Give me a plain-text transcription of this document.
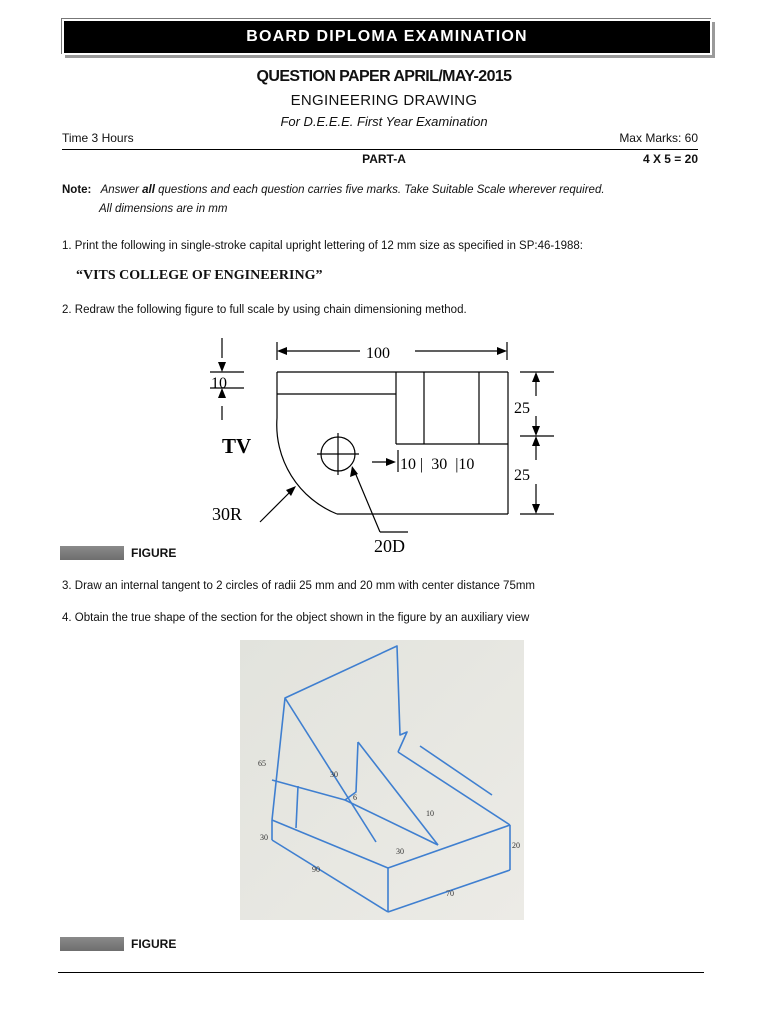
BOARD DIPLOMA EXAMINATION
QUESTION PAPER APRIL/MAY-2015
ENGINEERING DRAWING
For D.E.E.E. First Year Examination
Time 3 Hours	Max Marks: 60
PART-A	4 X 5 = 20
Note: Answer all questions and each question carries five marks. Take Suitable Scale wherever required.
All dimensions are in mm
1. Print the following in single-stroke capital upright lettering of 12 mm size as specified in SP:46-1988:
“VITS COLLEGE OF ENGINEERING”
2. Redraw the following figure to full scale by using chain dimensioning method.
100
10
TV
25
25
10 |  30  |10
30R
20D
FIGURE
3. Draw an internal tangent to 2 circles of radii 25 mm and 20 mm with center distance 75mm
4. Obtain the true shape of the section for the object shown in the figure by an auxiliary view
65
30
6
10
30
30
90
70
20
FIGURE
